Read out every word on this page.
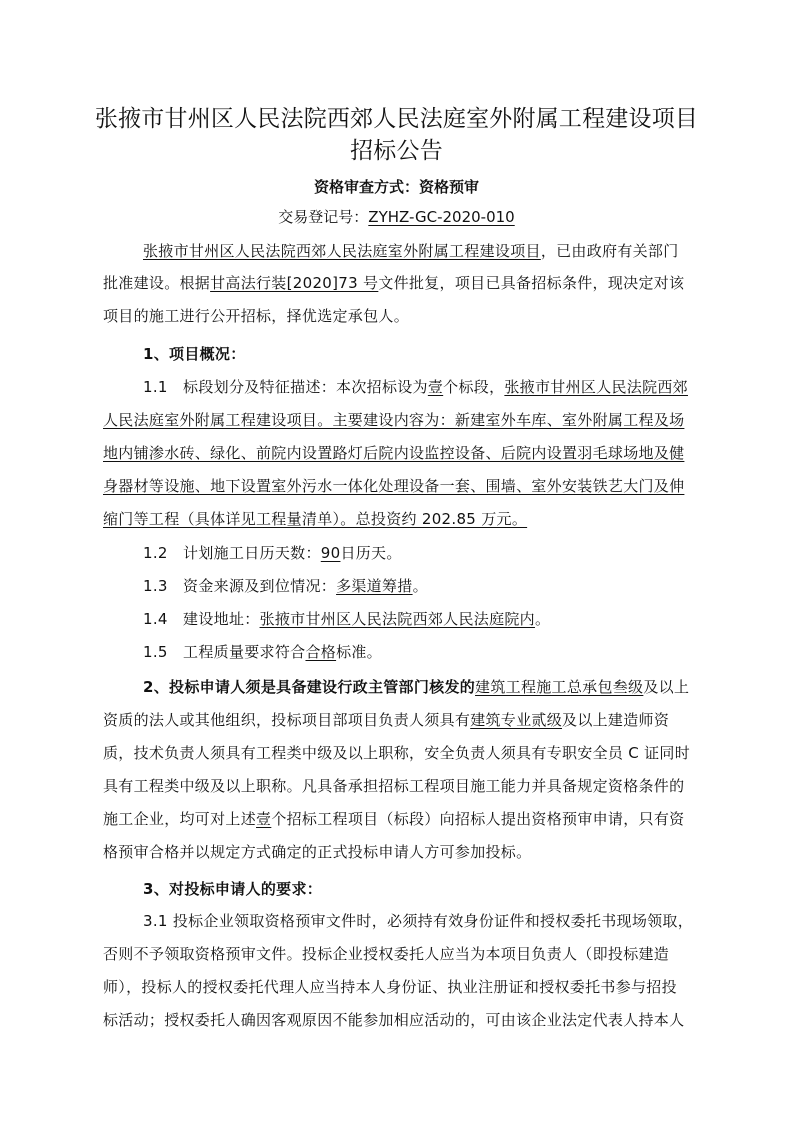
张掖市甘州区人民法院西郊人民法庭室外附属工程建设项目
招标公告
资格审查方式：资格预审
交易登记号：ZYHZ-GC-2020-010
张掖市甘州区人民法院西郊人民法庭室外附属工程建设项目，已由政府有关部门
批准建设。根据甘高法行装[2020]73 号文件批复，项目已具备招标条件，现决定对该
项目的施工进行公开招标，择优选定承包人。
1、项目概况：
1.1　标段划分及特征描述：本次招标设为壹个标段，张掖市甘州区人民法院西郊
人民法庭室外附属工程建设项目。主要建设内容为：新建室外车库、室外附属工程及场
地内铺渗水砖、绿化、前院内设置路灯后院内设监控设备、后院内设置羽毛球场地及健
身器材等设施、地下设置室外污水一体化处理设备一套、围墙、室外安装铁艺大门及伸
缩门等工程（具体详见工程量清单）。总投资约 202.85 万元。
1.2　计划施工日历天数：90日历天。
1.3　资金来源及到位情况：多渠道筹措。
1.4　建设地址：张掖市甘州区人民法院西郊人民法庭院内。
1.5　工程质量要求符合合格标准。
2、投标申请人须是具备建设行政主管部门核发的建筑工程施工总承包叁级及以上
资质的法人或其他组织，投标项目部项目负责人须具有建筑专业贰级及以上建造师资
质，技术负责人须具有工程类中级及以上职称，安全负责人须具有专职安全员 C 证同时
具有工程类中级及以上职称。凡具备承担招标工程项目施工能力并具备规定资格条件的
施工企业，均可对上述壹个招标工程项目（标段）向招标人提出资格预审申请，只有资
格预审合格并以规定方式确定的正式投标申请人方可参加投标。
3、对投标申请人的要求：
3.1 投标企业领取资格预审文件时，必须持有效身份证件和授权委托书现场领取，
否则不予领取资格预审文件。投标企业授权委托人应当为本项目负责人（即投标建造
师），投标人的授权委托代理人应当持本人身份证、执业注册证和授权委托书参与招投
标活动；授权委托人确因客观原因不能参加相应活动的，可由该企业法定代表人持本人
